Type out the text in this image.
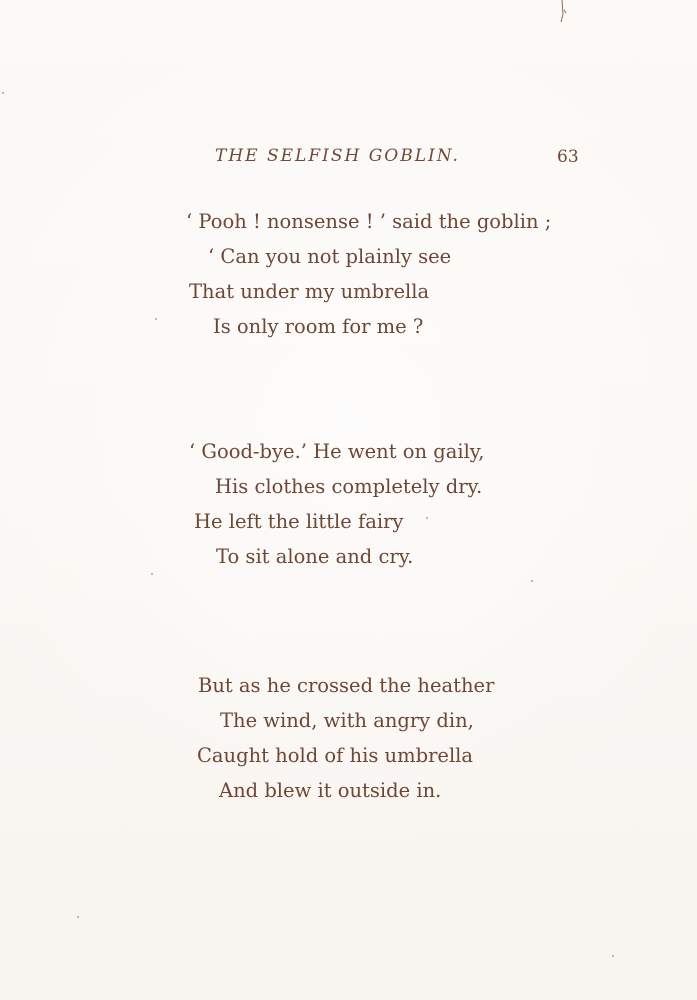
THE SELFISH GOBLIN.	63
‘ Pooh ! nonsense ! ’ said the goblin ;
‘ Can you not plainly see
That under my umbrella
Is only room for me ?
‘ Good-bye.’ He went on gaily,
His clothes completely dry.
He left the little fairy
To sit alone and cry.
But as he crossed the heather
The wind, with angry din,
Caught hold of his umbrella
And blew it outside in.
